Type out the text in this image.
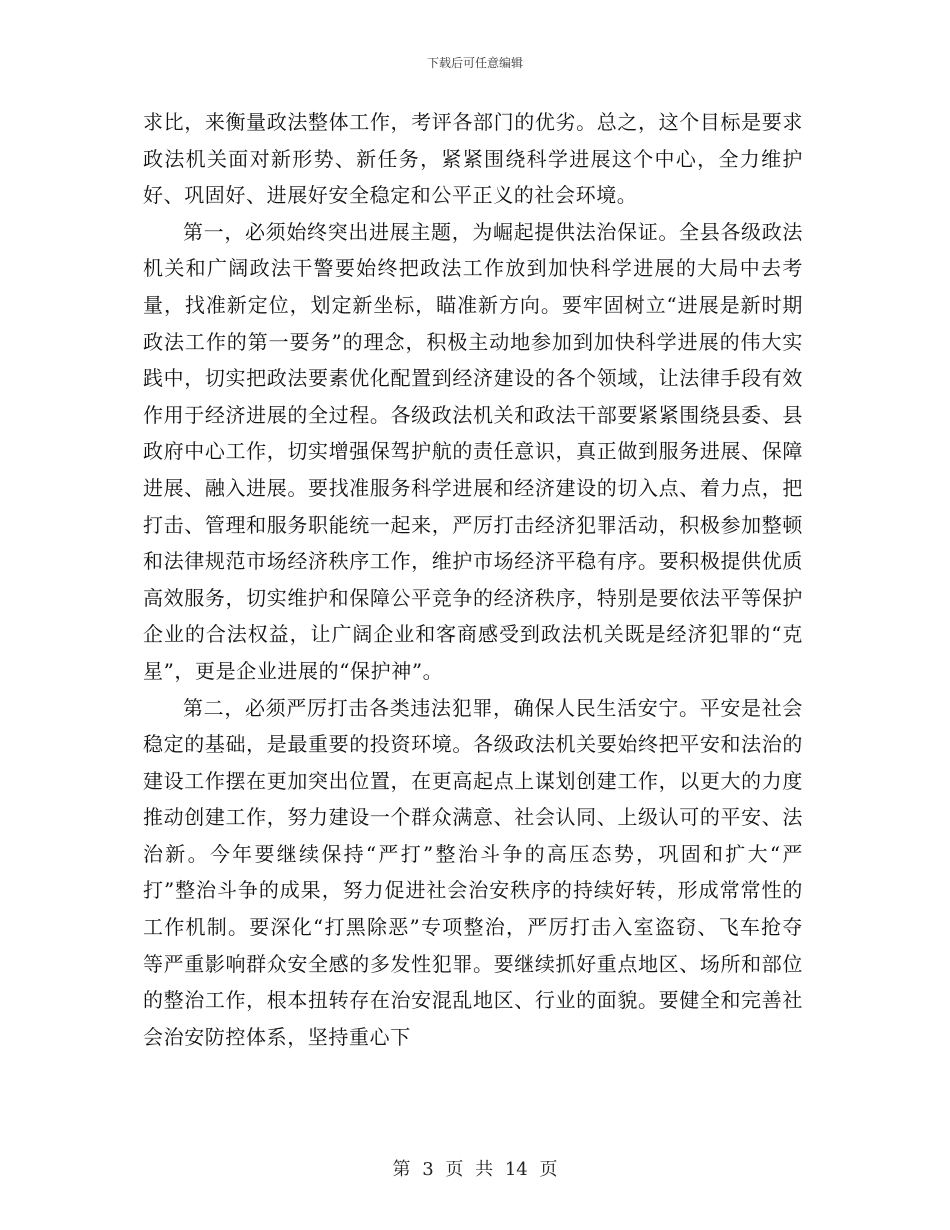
下载后可任意编辑

求比，来衡量政法整体工作，考评各部门的优劣。总之，这个目标是要求政法机关面对新形势、新任务，紧紧围绕科学进展这个中心，全力维护好、巩固好、进展好安全稳定和公平正义的社会环境。

第一，必须始终突出进展主题，为崛起提供法治保证。全县各级政法机关和广阔政法干警要始终把政法工作放到加快科学进展的大局中去考量，找准新定位，划定新坐标，瞄准新方向。要牢固树立“进展是新时期政法工作的第一要务”的理念，积极主动地参加到加快科学进展的伟大实践中，切实把政法要素优化配置到经济建设的各个领域，让法律手段有效作用于经济进展的全过程。各级政法机关和政法干部要紧紧围绕县委、县政府中心工作，切实增强保驾护航的责任意识，真正做到服务进展、保障进展、融入进展。要找准服务科学进展和经济建设的切入点、着力点，把打击、管理和服务职能统一起来，严厉打击经济犯罪活动，积极参加整顿和法律规范市场经济秩序工作，维护市场经济平稳有序。要积极提供优质高效服务，切实维护和保障公平竞争的经济秩序，特别是要依法平等保护企业的合法权益，让广阔企业和客商感受到政法机关既是经济犯罪的“克星”，更是企业进展的“保护神”。

第二，必须严厉打击各类违法犯罪，确保人民生活安宁。平安是社会稳定的基础，是最重要的投资环境。各级政法机关要始终把平安和法治的建设工作摆在更加突出位置，在更高起点上谋划创建工作，以更大的力度推动创建工作，努力建设一个群众满意、社会认同、上级认可的平安、法治新。今年要继续保持“严打”整治斗争的高压态势，巩固和扩大“严打”整治斗争的成果，努力促进社会治安秩序的持续好转，形成常常性的工作机制。要深化“打黑除恶”专项整治，严厉打击入室盗窃、飞车抢夺等严重影响群众安全感的多发性犯罪。要继续抓好重点地区、场所和部位的整治工作，根本扭转存在治安混乱地区、行业的面貌。要健全和完善社会治安防控体系，坚持重心下

第 3 页 共 14 页
